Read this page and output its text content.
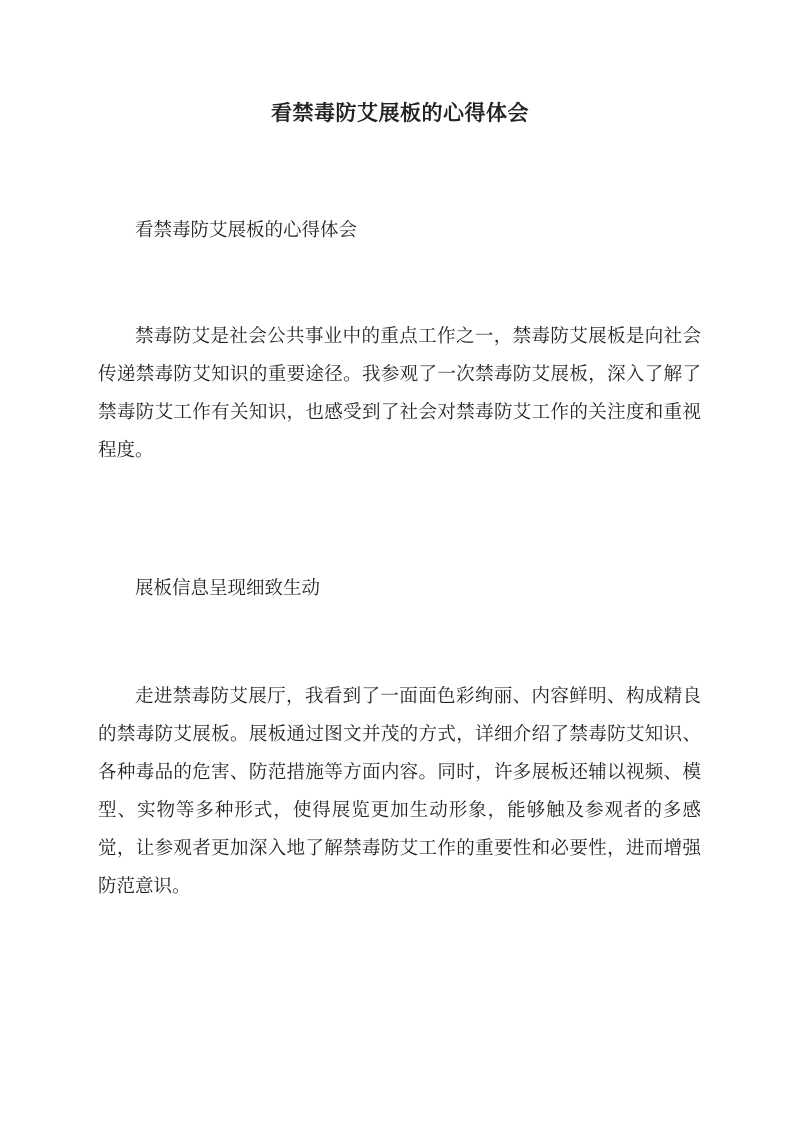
看禁毒防艾展板的心得体会

看禁毒防艾展板的心得体会

禁毒防艾是社会公共事业中的重点工作之一，禁毒防艾展板是向社会传递禁毒防艾知识的重要途径。我参观了一次禁毒防艾展板，深入了解了禁毒防艾工作有关知识，也感受到了社会对禁毒防艾工作的关注度和重视程度。

展板信息呈现细致生动

走进禁毒防艾展厅，我看到了一面面色彩绚丽、内容鲜明、构成精良的禁毒防艾展板。展板通过图文并茂的方式，详细介绍了禁毒防艾知识、各种毒品的危害、防范措施等方面内容。同时，许多展板还辅以视频、模型、实物等多种形式，使得展览更加生动形象，能够触及参观者的多感觉，让参观者更加深入地了解禁毒防艾工作的重要性和必要性，进而增强防范意识。
